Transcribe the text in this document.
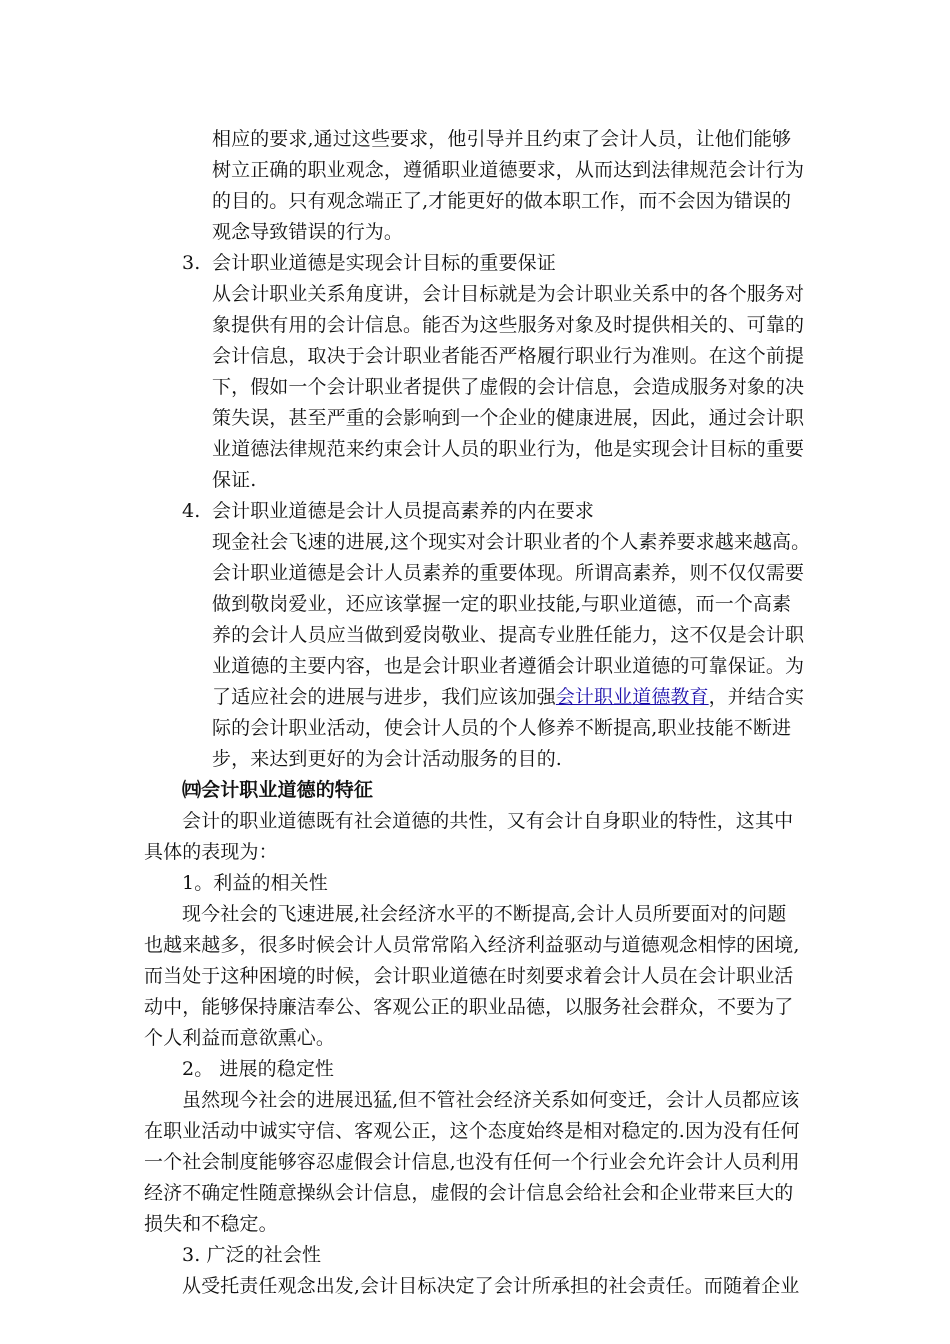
相应的要求,通过这些要求，他引导并且约束了会计人员，让他们能够
树立正确的职业观念，遵循职业道德要求，从而达到法律规范会计行为
的目的。只有观念端正了,才能更好的做本职工作，而不会因为错误的
观念导致错误的行为。
3. 会计职业道德是实现会计目标的重要保证
从会计职业关系角度讲，会计目标就是为会计职业关系中的各个服务对
象提供有用的会计信息。能否为这些服务对象及时提供相关的、可靠的
会计信息，取决于会计职业者能否严格履行职业行为准则。在这个前提
下，假如一个会计职业者提供了虚假的会计信息，会造成服务对象的决
策失误，甚至严重的会影响到一个企业的健康进展，因此，通过会计职
业道德法律规范来约束会计人员的职业行为，他是实现会计目标的重要
保证.
4. 会计职业道德是会计人员提高素养的内在要求
现金社会飞速的进展,这个现实对会计职业者的个人素养要求越来越高。
会计职业道德是会计人员素养的重要体现。所谓高素养，则不仅仅需要
做到敬岗爱业，还应该掌握一定的职业技能,与职业道德，而一个高素
养的会计人员应当做到爱岗敬业、提高专业胜任能力，这不仅是会计职
业道德的主要内容，也是会计职业者遵循会计职业道德的可靠保证。为
了适应社会的进展与进步，我们应该加强会计职业道德教育，并结合实
际的会计职业活动，使会计人员的个人修养不断提高,职业技能不断进
步，来达到更好的为会计活动服务的目的.
㈣会计职业道德的特征
会计的职业道德既有社会道德的共性，又有会计自身职业的特性，这其中
具体的表现为：
1。利益的相关性
现今社会的飞速进展,社会经济水平的不断提高,会计人员所要面对的问题
也越来越多，很多时候会计人员常常陷入经济利益驱动与道德观念相悖的困境,
而当处于这种困境的时候，会计职业道德在时刻要求着会计人员在会计职业活
动中，能够保持廉洁奉公、客观公正的职业品德，以服务社会群众，不要为了
个人利益而意欲熏心。
2。 进展的稳定性
虽然现今社会的进展迅猛,但不管社会经济关系如何变迁，会计人员都应该
在职业活动中诚实守信、客观公正，这个态度始终是相对稳定的.因为没有任何
一个社会制度能够容忍虚假会计信息,也没有任何一个行业会允许会计人员利用
经济不确定性随意操纵会计信息，虚假的会计信息会给社会和企业带来巨大的
损失和不稳定。
3. 广泛的社会性
从受托责任观念出发,会计目标决定了会计所承担的社会责任。而随着企业
